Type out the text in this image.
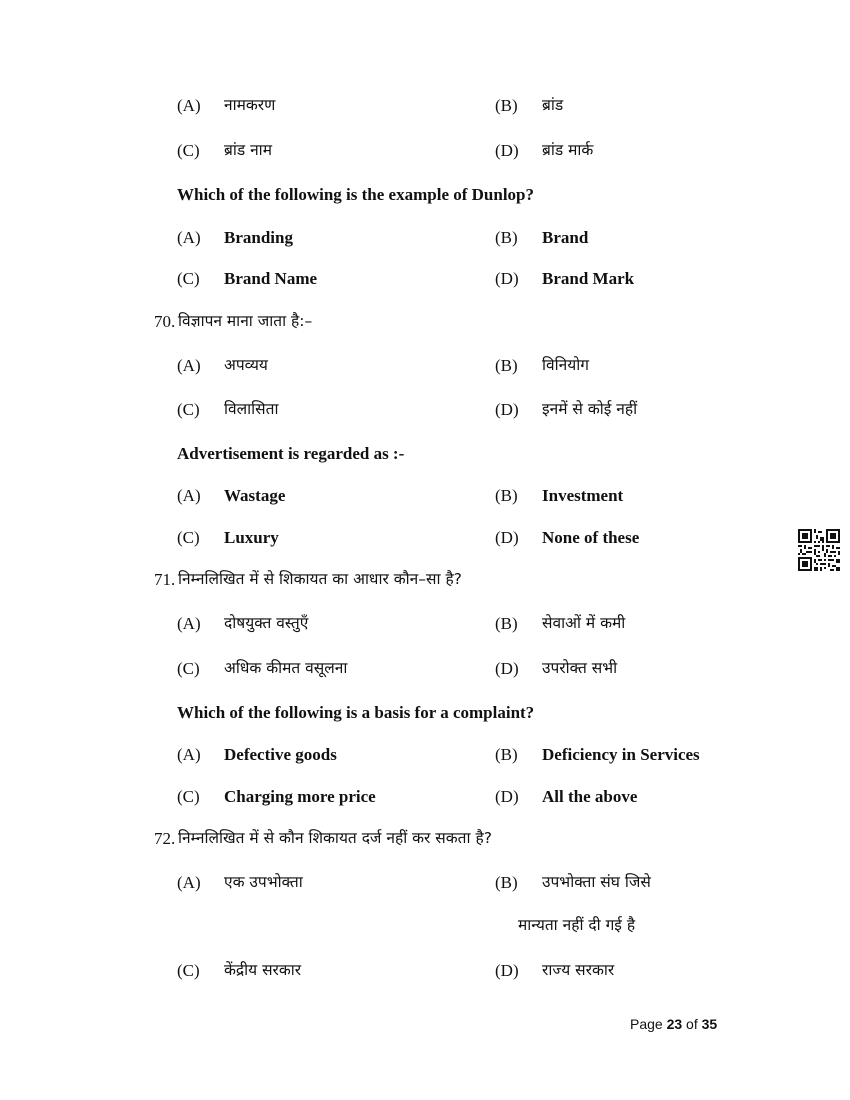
(A) नामकरण	(B) ब्रांड
(C) ब्रांड नाम	(D) ब्रांड मार्क
Which of the following is the example of Dunlop?
(A) Branding	(B) Brand
(C) Brand Name	(D) Brand Mark
70. विज्ञापन माना जाता है:–
(A) अपव्यय	(B) विनियोग
(C) विलासिता	(D) इनमें से कोई नहीं
Advertisement is regarded as :-
(A) Wastage	(B) Investment
(C) Luxury	(D) None of these
71. निम्नलिखित में से शिकायत का आधार कौन–सा है?
(A) दोषयुक्त वस्तुएँ	(B) सेवाओं में कमी
(C) अधिक कीमत वसूलना	(D) उपरोक्त सभी
Which of the following is a basis for a complaint?
(A) Defective goods	(B) Deficiency in Services
(C) Charging more price	(D) All the above
72. निम्नलिखित में से कौन शिकायत दर्ज नहीं कर सकता है?
(A) एक उपभोक्ता	(B) उपभोक्ता संघ जिसे
मान्यता नहीं दी गई है
(C) केंद्रीय सरकार	(D) राज्य सरकार
Page 23 of 35
